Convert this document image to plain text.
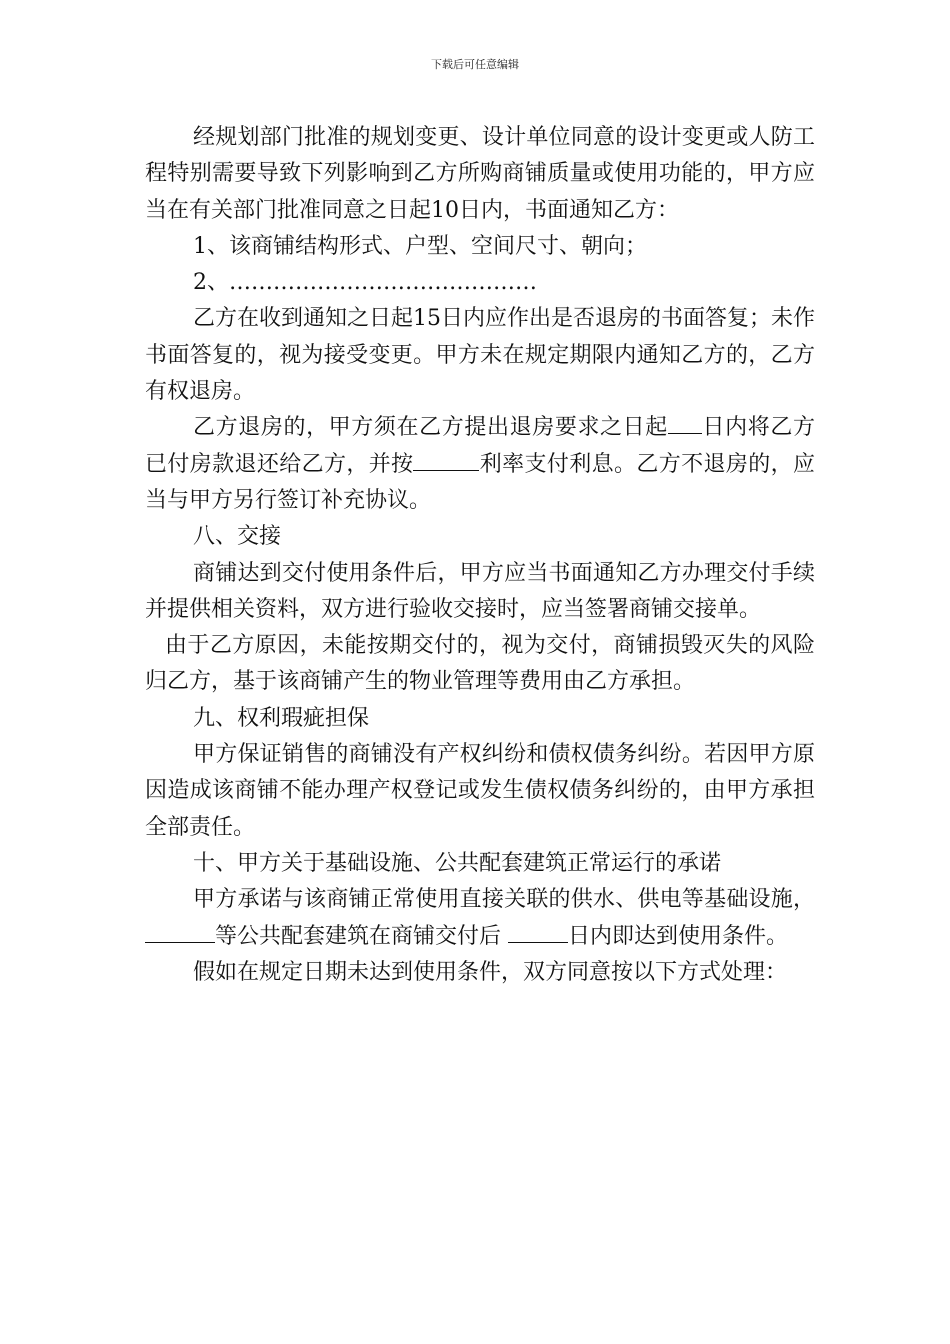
下载后可任意编辑

经规划部门批准的规划变更、设计单位同意的设计变更或人防工程特别需要导致下列影响到乙方所购商铺质量或使用功能的，甲方应当在有关部门批准同意之日起10日内，书面通知乙方：

1、该商铺结构形式、户型、空间尺寸、朝向；

2、……………………………………

乙方在收到通知之日起15日内应作出是否退房的书面答复；未作书面答复的，视为接受变更。甲方未在规定期限内通知乙方的，乙方有权退房。

乙方退房的，甲方须在乙方提出退房要求之日起 日内将乙方已付房款退还给乙方，并按	利率支付利息。乙方不退房的，应当与甲方另行签订补充协议。

八、交接

商铺达到交付使用条件后，甲方应当书面通知乙方办理交付手续并提供相关资料，双方进行验收交接时，应当签署商铺交接单。

由于乙方原因，未能按期交付的，视为交付，商铺损毁灭失的风险归乙方，基于该商铺产生的物业管理等费用由乙方承担。

九、权利瑕疵担保

甲方保证销售的商铺没有产权纠纷和债权债务纠纷。若因甲方原因造成该商铺不能办理产权登记或发生债权债务纠纷的，由甲方承担全部责任。

十、甲方关于基础设施、公共配套建筑正常运行的承诺

甲方承诺与该商铺正常使用直接关联的供水、供电等基础设施，等公共配套建筑在商铺交付后	日内即达到使用条件。

假如在规定日期未达到使用条件，双方同意按以下方式处理：
